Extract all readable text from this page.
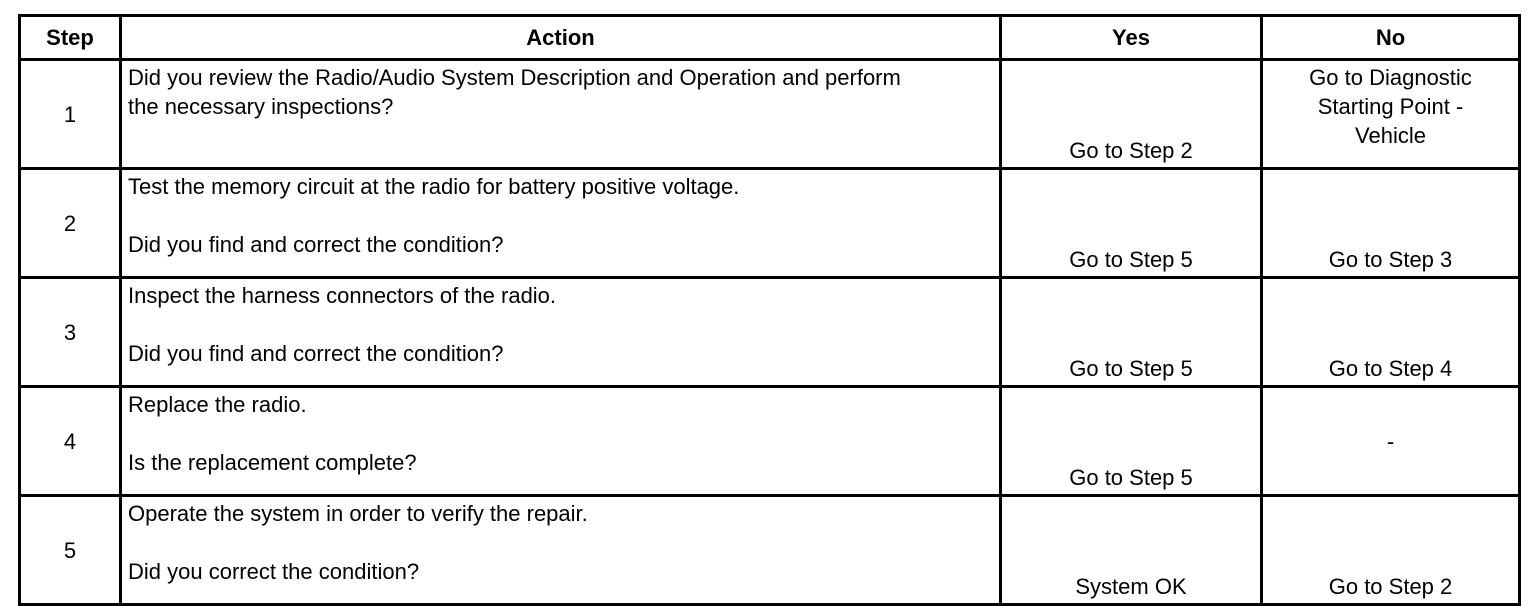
Step	Action	Yes	No
1	Did you review the Radio/Audio System Description and Operation and perform the necessary inspections?	Go to Step 2	Go to Diagnostic Starting Point - Vehicle

2	Test the memory circuit at the radio for battery positive voltage.
Did you find and correct the condition?	Go to Step 5	Go to Step 3
3	Inspect the harness connectors of the radio.
Did you find and correct the condition?	Go to Step 5	Go to Step 4
4	Replace the radio.
Is the replacement complete?	Go to Step 5	-
5	Operate the system in order to verify the repair.
Did you correct the condition?	System OK	Go to Step 2
